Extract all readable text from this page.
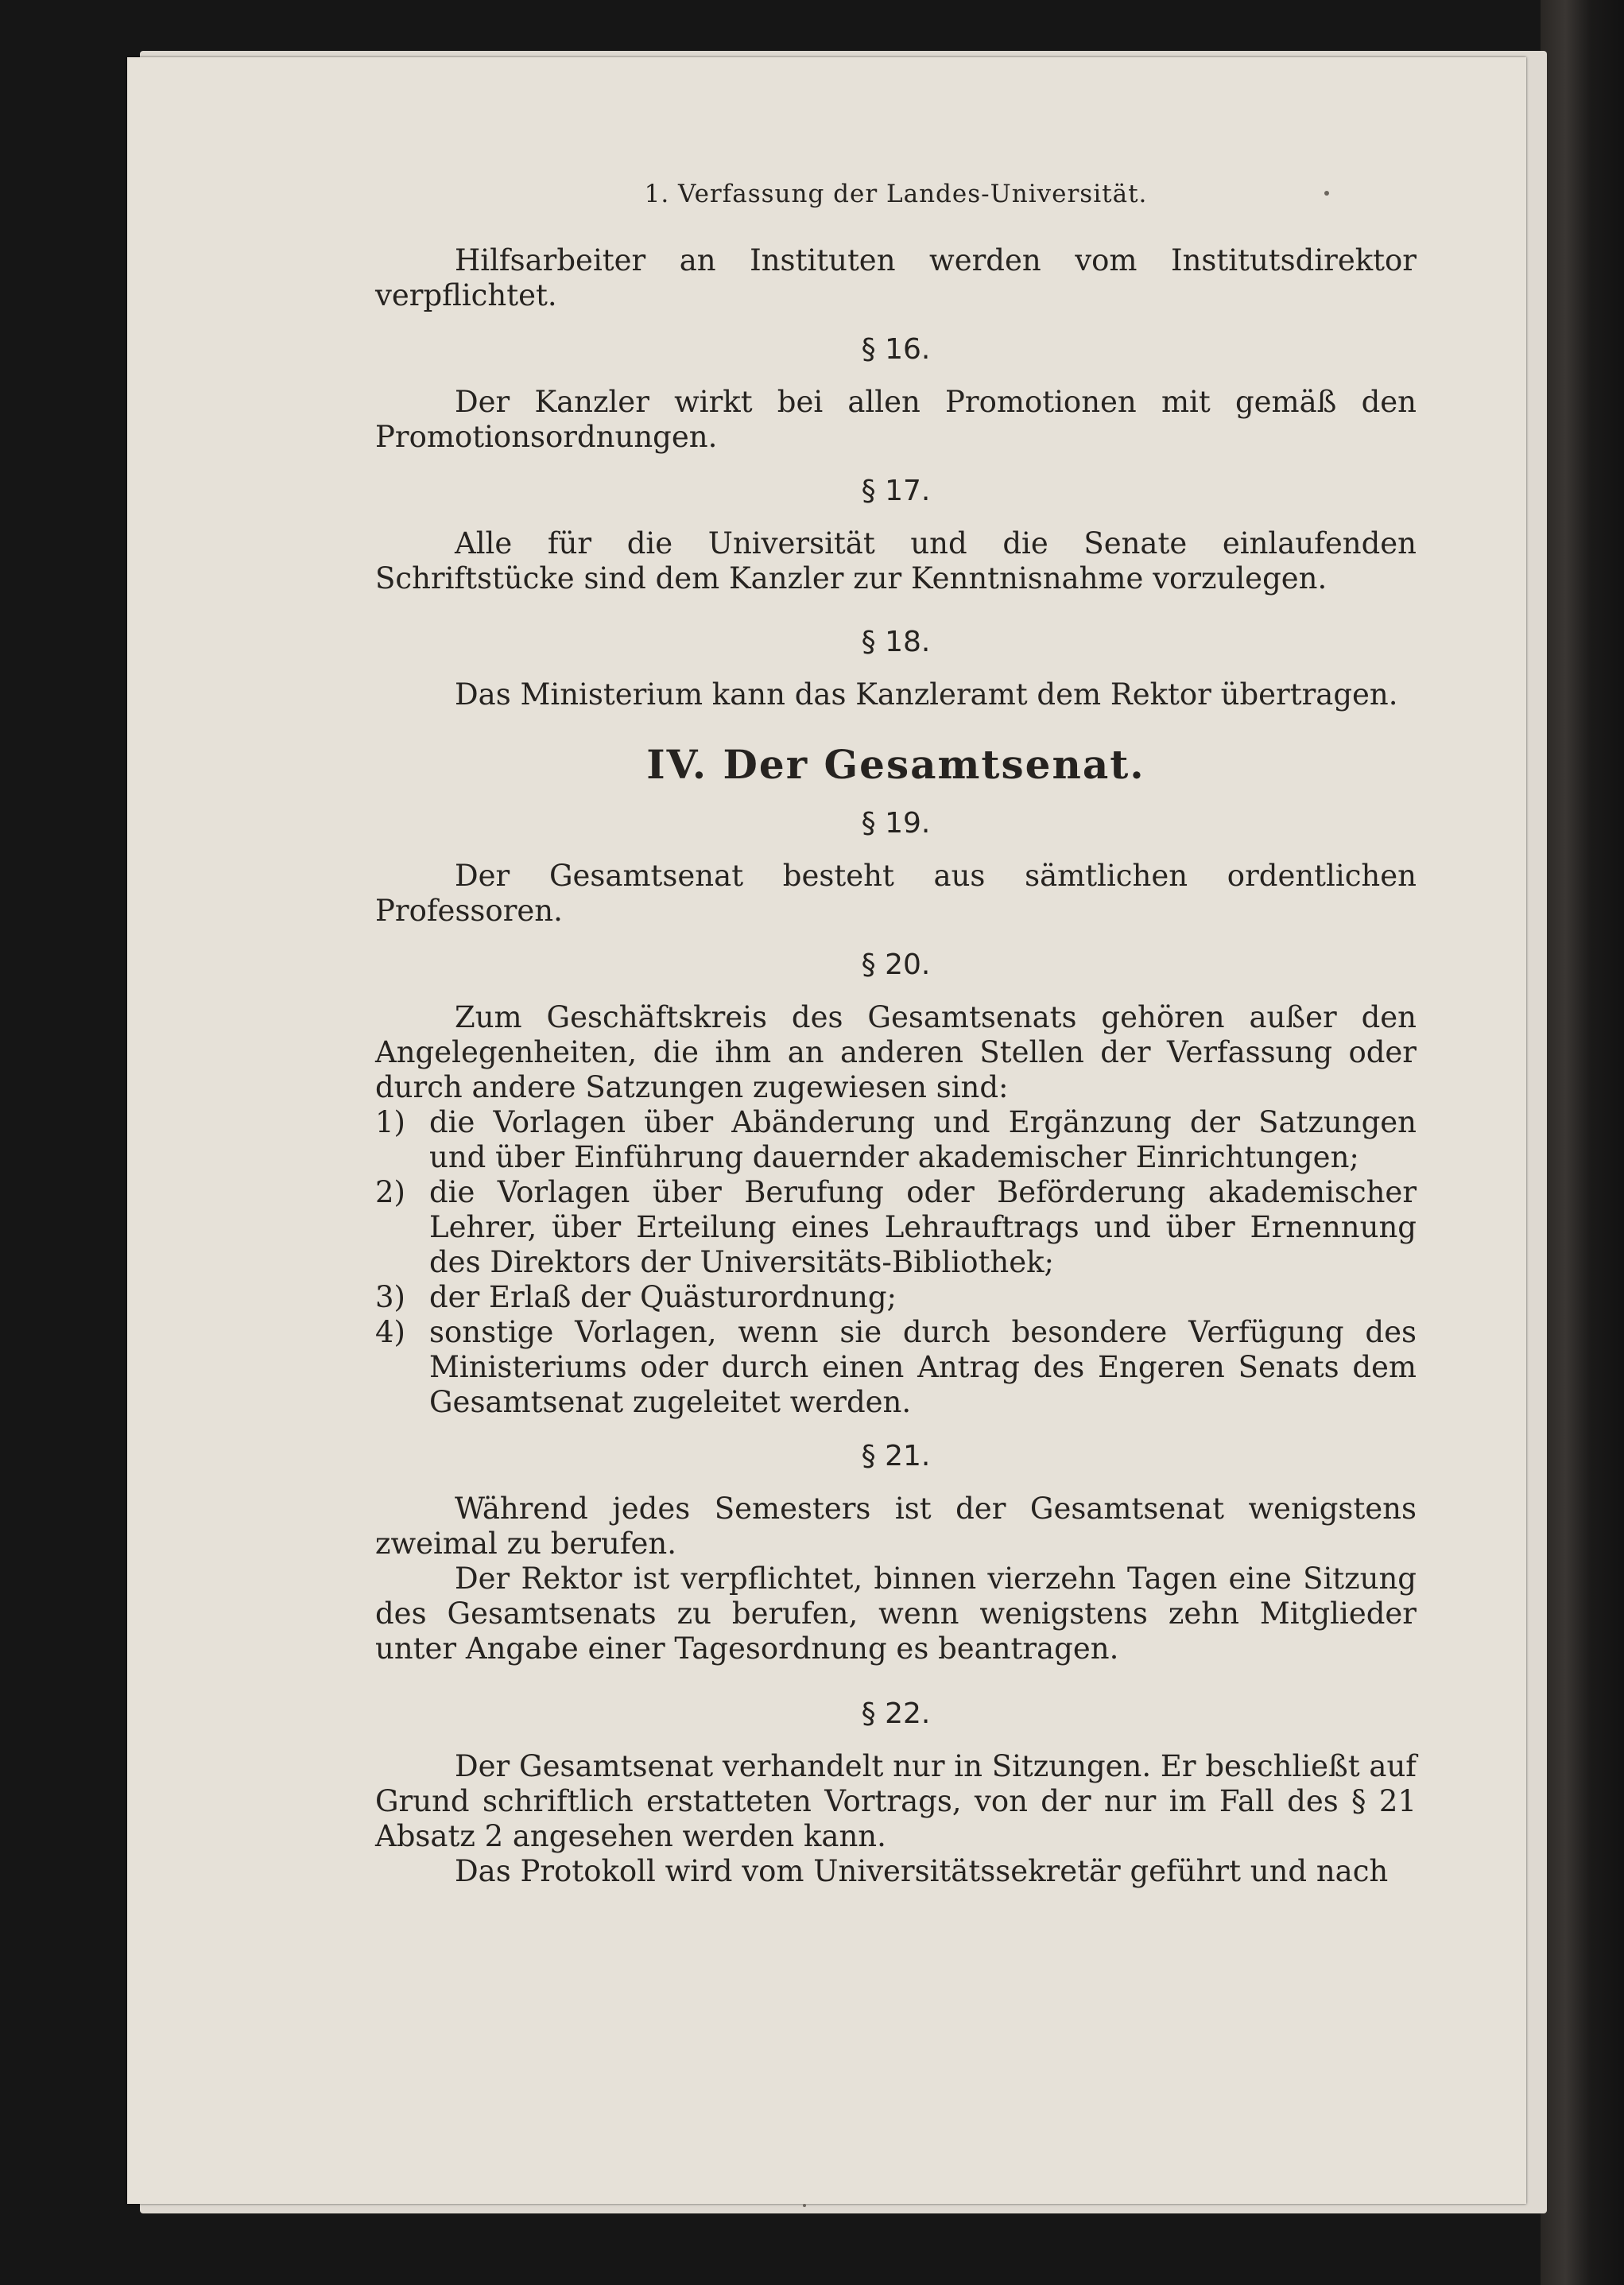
1. Verfassung der Landes-Universität.

Hilfsarbeiter an Instituten werden vom Institutsdirektor verpflichtet.

§ 16.

Der Kanzler wirkt bei allen Promotionen mit gemäß den Promotionsordnungen.

§ 17.

Alle für die Universität und die Senate einlaufenden Schriftstücke sind dem Kanzler zur Kenntnisnahme vorzulegen.

§ 18.

Das Ministerium kann das Kanzleramt dem Rektor übertragen.

IV. Der Gesamtsenat.
§ 19.

Der Gesamtsenat besteht aus sämtlichen ordentlichen Professoren.

§ 20.

Zum Geschäftskreis des Gesamtsenats gehören außer den Angelegenheiten, die ihm an anderen Stellen der Verfassung oder durch andere Satzungen zugewiesen sind:

1) die Vorlagen über Abänderung und Ergänzung der Satzungen und über Einführung dauernder akademischer Einrichtungen;
2) die Vorlagen über Berufung oder Beförderung akademischer Lehrer, über Erteilung eines Lehrauftrags und über Ernennung des Direktors der Universitäts-Bibliothek;
3) der Erlaß der Quästurordnung;
4) sonstige Vorlagen, wenn sie durch besondere Verfügung des Ministeriums oder durch einen Antrag des Engeren Senats dem Gesamtsenat zugeleitet werden.
§ 21.

Während jedes Semesters ist der Gesamtsenat wenigstens zweimal zu berufen.

Der Rektor ist verpflichtet, binnen vierzehn Tagen eine Sitzung des Gesamtsenats zu berufen, wenn wenigstens zehn Mitglieder unter Angabe einer Tagesordnung es beantragen.

§ 22.

Der Gesamtsenat verhandelt nur in Sitzungen. Er beschließt auf Grund schriftlich erstatteten Vortrags, von der nur im Fall des § 21 Absatz 2 angesehen werden kann.

Das Protokoll wird vom Universitätssekretär geführt und nach
